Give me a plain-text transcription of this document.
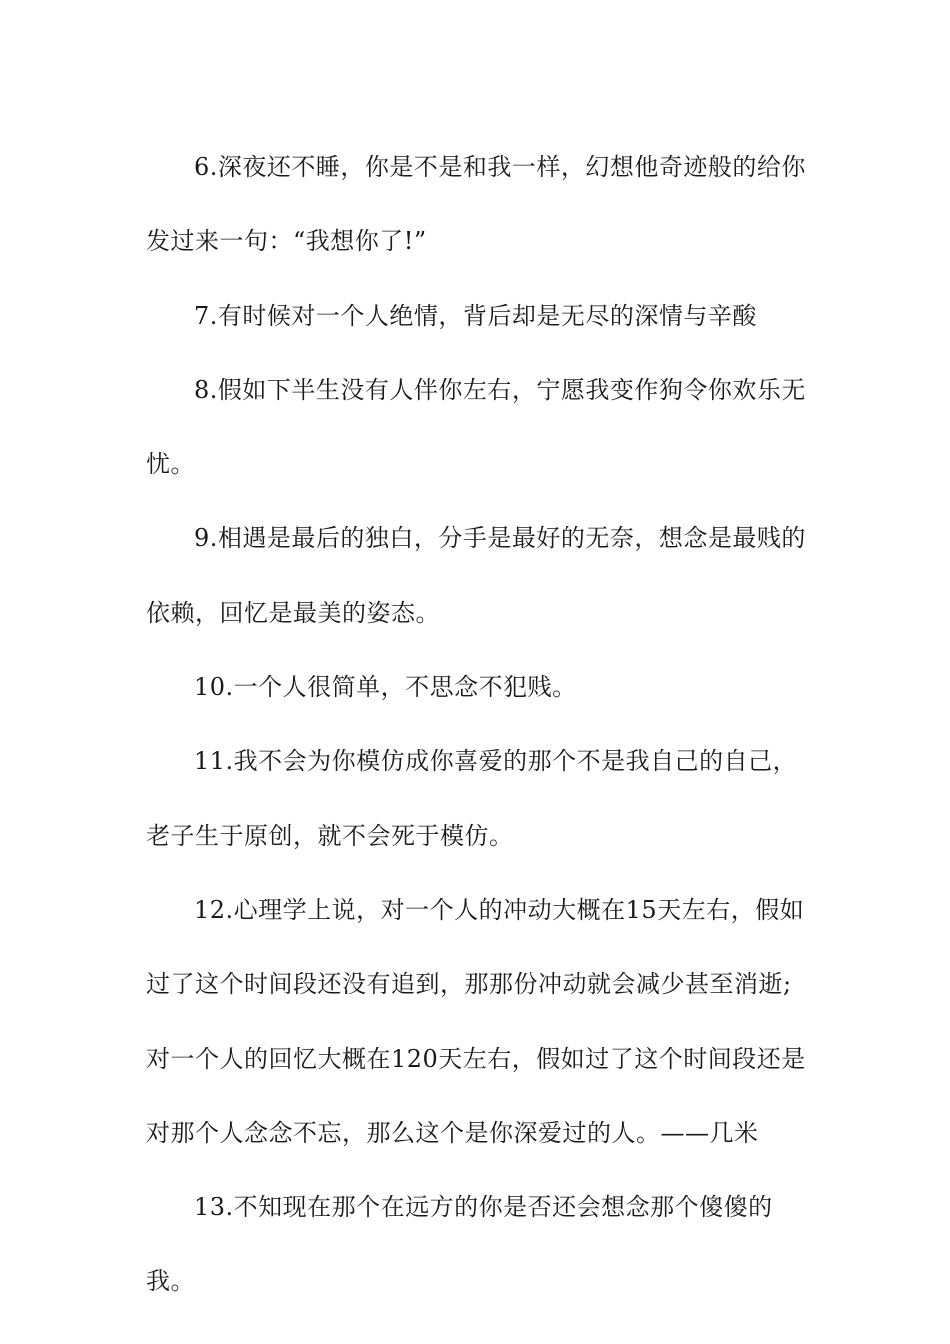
6.深夜还不睡，你是不是和我一样，幻想他奇迹般的给你发过来一句：“我想你了!”

7.有时候对一个人绝情，背后却是无尽的深情与辛酸

8.假如下半生没有人伴你左右，宁愿我变作狗令你欢乐无忧。

9.相遇是最后的独白，分手是最好的无奈，想念是最贱的依赖，回忆是最美的姿态。

10.一个人很简单，不思念不犯贱。

11.我不会为你模仿成你喜爱的那个不是我自己的自己，老子生于原创，就不会死于模仿。

12.心理学上说，对一个人的冲动大概在15天左右，假如过了这个时间段还没有追到，那那份冲动就会减少甚至消逝;对一个人的回忆大概在120天左右，假如过了这个时间段还是对那个人念念不忘，那么这个是你深爱过的人。——几米

13.不知现在那个在远方的你是否还会想念那个傻傻的我。
